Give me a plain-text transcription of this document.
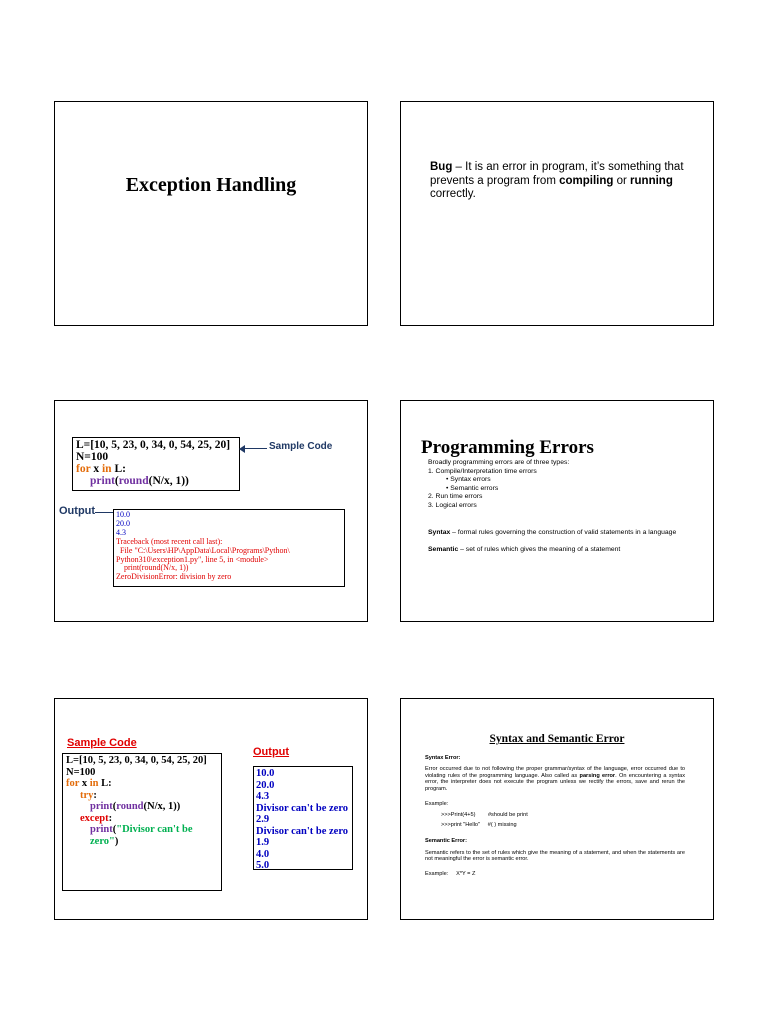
Exception Handling
Bug – It is an error in program, it’s something that prevents a program from compiling or running correctly.
L=[10, 5, 23, 0, 34, 0, 54, 25, 20]
N=100
for x in L:
print(round(N/x, 1))
Sample Code
Output	10.0
20.0
4.3
Traceback (most recent call last):
File "C:\Users\HP\AppData\Local\Programs\Python\
Python310\exception1.py", line 5, in <module>
print(round(N/x, 1))
ZeroDivisionError: division by zero
Programming Errors
Broadly programming errors are of three types:
1. Compile/Interpretation time errors
• Syntax errors
• Semantic errors
2. Run time errors
3. Logical errors
Syntax – formal rules governing the construction of valid statements in a language
Semantic – set of rules which gives the meaning of a statement
Sample Code
L=[10, 5, 23, 0, 34, 0, 54, 25, 20]
N=100
for x in L:
try:
print(round(N/x, 1))
except:
print("Divisor can't be zero")
Output
10.0
20.0
4.3
Divisor can't be zero
2.9
Divisor can't be zero
1.9
4.0
5.0
Syntax and Semantic Error

Syntax Error:

Error occurred due to not following the proper grammar/syntax of the language, error occurred due to violating rules of the programming language. Also called as parsing error. On encountering a syntax error, the interpreter does not execute the program unless we rectify the errors, save and rerun the program.

Example:

>>>Print(4+5)        #should be print

>>>print "Hello"     #( ) missing

Semantic Error:

Semantic refers to the set of rules which give the meaning of a statement, and when the statements are not meaningful the error is semantic error.

Example:     X*Y = Z
